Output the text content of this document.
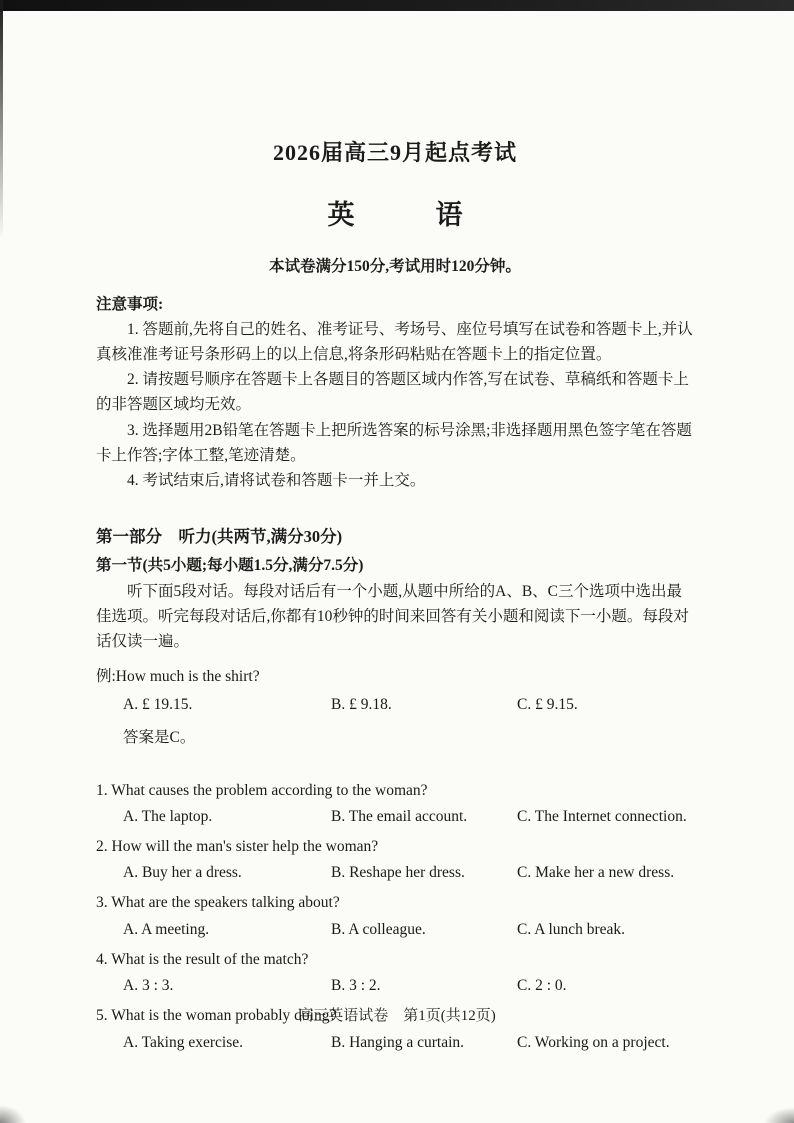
2026届高三9月起点考试
英　　　语
本试卷满分150分,考试用时120分钟。
注意事项:

1. 答题前,先将自己的姓名、准考证号、考场号、座位号填写在试卷和答题卡上,并认真核准准考证号条形码上的以上信息,将条形码粘贴在答题卡上的指定位置。

2. 请按题号顺序在答题卡上各题目的答题区域内作答,写在试卷、草稿纸和答题卡上的非答题区域均无效。

3. 选择题用2B铅笔在答题卡上把所选答案的标号涂黑;非选择题用黑色签字笔在答题卡上作答;字体工整,笔迹清楚。

4. 考试结束后,请将试卷和答题卡一并上交。

第一部分　听力(共两节,满分30分)
第一节(共5小题;每小题1.5分,满分7.5分)
听下面5段对话。每段对话后有一个小题,从题中所给的A、B、C三个选项中选出最佳选项。听完每段对话后,你都有10秒钟的时间来回答有关小题和阅读下一小题。每段对话仅读一遍。
例:How much is the shirt?
A. £ 19.15.	B. £ 9.18.	C. £ 9.15.
答案是C。
1. What causes the problem according to the woman?
A. The laptop.	B. The email account.	C. The Internet connection.
2. How will the man's sister help the woman?
A. Buy her a dress.	B. Reshape her dress.	C. Make her a new dress.
3. What are the speakers talking about?
A. A meeting.	B. A colleague.	C. A lunch break.
4. What is the result of the match?
A. 3 : 3.	B. 3 : 2.	C. 2 : 0.
5. What is the woman probably doing?
A. Taking exercise.	B. Hanging a curtain.	C. Working on a project.
高三英语试卷　第1页(共12页)
